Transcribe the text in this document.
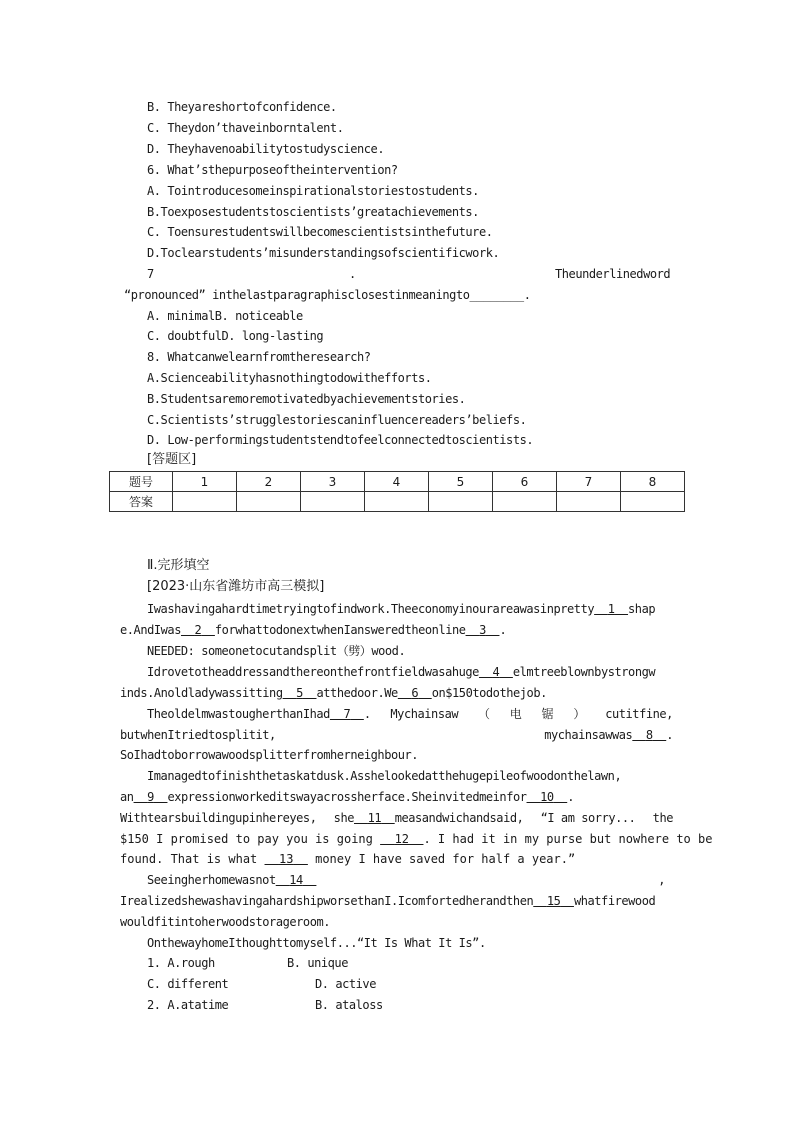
B. Theyareshortofconfidence.
C. Theydon’thaveinborntalent.
D. Theyhavenoabilitytostudyscience.
6. What’sthepurposeoftheintervention?
A. Tointroducesomeinspirationalstoriestostudents.
B.Toexposestudentstoscientists’greatachievements.
C. Toensurestudentswillbecomescientistsinthefuture.
D.Toclearstudents’misunderstandingsofscientificwork.
7	.	Theunderlinedword
“pronounced” inthelastparagraphisclosestinmeaningto________.
A. minimalB. noticeable
C. doubtfulD. long-lasting
8. Whatcanwelearnfromtheresearch?
A.Scienceabilityhasnothingtodowithefforts.
B.Studentsaremoremotivatedbyachievementstories.
C.Scientists’strugglestoriescaninfluencereaders’beliefs.
D. Low-performingstudentstendtofeelconnectedtoscientists.
[答题区]
题号	1	2	3	4	5	6	7	8
答案								
Ⅱ.完形填空
[2023·山东省潍坊市高三模拟]
Iwashavingahardtimetryingtofindwork.Theeconomyinourareawasinpretty 1 shap
e.AndIwas 2 forwhattodonextwhenIansweredtheonline 3 .
NEEDED: someonetocutandsplit（劈）wood.
Idrovetotheaddressandthereonthefrontfieldwasahuge 4 elmtreeblownbystrongw
inds.Anoldladywassitting 5 atthedoor.We 6 on$150todothejob.
TheoldelmwastougherthanIhad 7 . Mychainsaw （ 电 锯 ） cutitfine,
butwhenItriedtosplitit,	mychainsawwas 8 .
SoIhadtoborrowawoodsplitterfromherneighbour.
Imanagedtofinishthetaskatdusk.Asshelookedatthehugepileofwoodonthelawn,
an 9 expressionworkeditswayacrossherface.Sheinvitedmeinfor 10 .
Withtearsbuildingupinhereyes, she 11 measandwichandsaid, “I am sorry... the
$150 I promised to pay you is going 12 . I had it in my purse but nowhere to be
found. That is what 13 money I have saved for half a year.”
Seeingherhomewasnot 14	,
IrealizedshewashavingahardshipworsethanI.Icomfortedherandthen 15 whatfirewood
wouldfitintoherwoodstorageroom.
OnthewayhomeIthoughttomyself...“It Is What It Is”.
1. A.rough	B. unique
C. different	D. active
2. A.atatime	B. ataloss
